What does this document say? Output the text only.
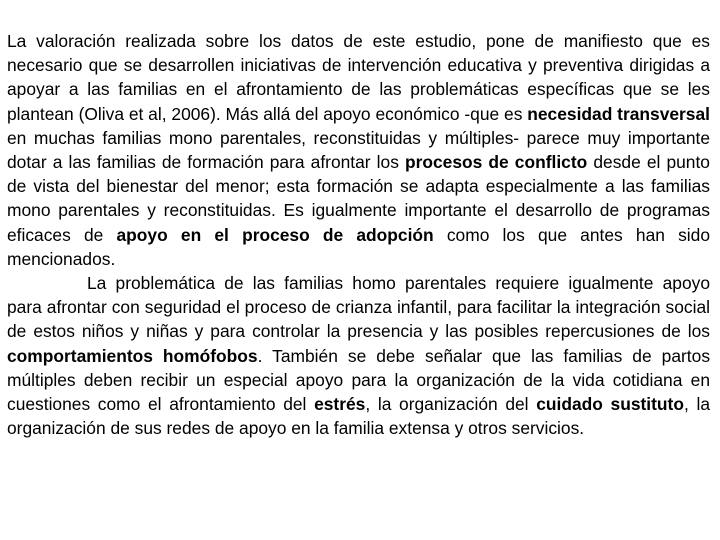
La valoración realizada sobre los datos de este estudio, pone de manifiesto que es necesario que se desarrollen iniciativas de intervención educativa y preventiva dirigidas a apoyar a las familias en el afrontamiento de las problemáticas específicas que se les plantean (Oliva et al, 2006). Más allá del apoyo económico -que es necesidad transversal en muchas familias mono parentales, reconstituidas y múltiples- parece muy importante dotar a las familias de formación para afrontar los procesos de conflicto desde el punto de vista del bienestar del menor; esta formación se adapta especialmente a las familias mono parentales y reconstituidas. Es igualmente importante el desarrollo de programas eficaces de apoyo en el proceso de adopción como los que antes han sido mencionados.

La problemática de las familias homo parentales requiere igualmente apoyo para afrontar con seguridad el proceso de crianza infantil, para facilitar la integración social de estos niños y niñas y para controlar la presencia y las posibles repercusiones de los comportamientos homófobos. También se debe señalar que las familias de partos múltiples deben recibir un especial apoyo para la organización de la vida cotidiana en cuestiones como el afrontamiento del estrés, la organización del cuidado sustituto, la organización de sus redes de apoyo en la familia extensa y otros servicios.
